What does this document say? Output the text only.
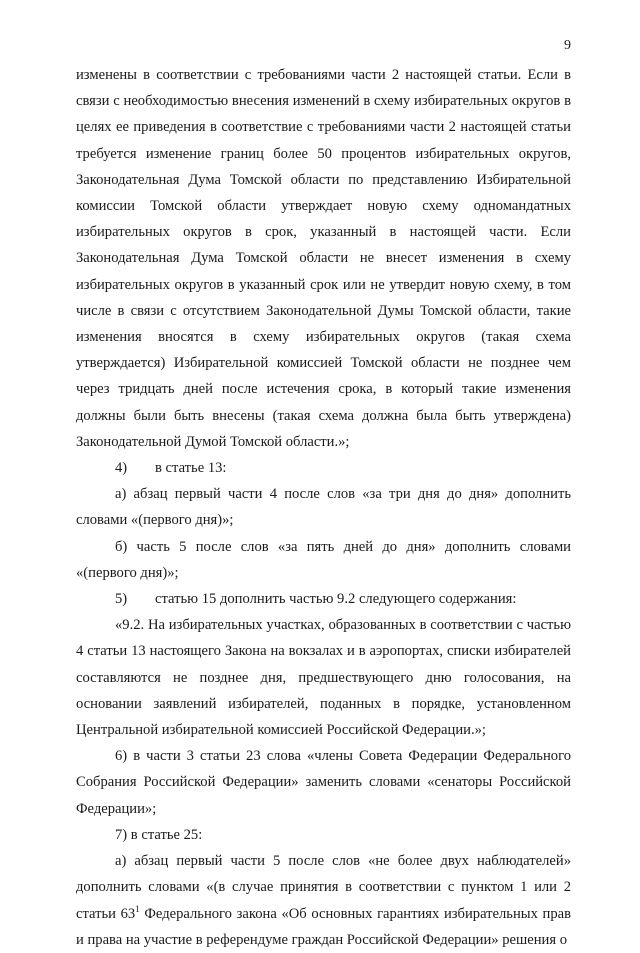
9

изменены в соответствии с требованиями части 2 настоящей статьи. Если в связи с необходимостью внесения изменений в схему избирательных округов в целях ее приведения в соответствие с требованиями части 2 настоящей статьи требуется изменение границ более 50 процентов избирательных округов, Законодательная Дума Томской области по представлению Избирательной комиссии Томской области утверждает новую схему одномандатных избирательных округов в срок, указанный в настоящей части. Если Законодательная Дума Томской области не внесет изменения в схему избирательных округов в указанный срок или не утвердит новую схему, в том числе в связи с отсутствием Законодательной Думы Томской области, такие изменения вносятся в схему избирательных округов (такая схема утверждается) Избирательной комиссией Томской области не позднее чем через тридцать дней после истечения срока, в который такие изменения должны были быть внесены (такая схема должна была быть утверждена) Законодательной Думой Томской области.»;

4) в статье 13:

а) абзац первый части 4 после слов «за три дня до дня» дополнить словами «(первого дня)»;

б) часть 5 после слов «за пять дней до дня» дополнить словами «(первого дня)»;

5) статью 15 дополнить частью 9.2 следующего содержания:

«9.2. На избирательных участках, образованных в соответствии с частью 4 статьи 13 настоящего Закона на вокзалах и в аэропортах, списки избирателей составляются не позднее дня, предшествующего дню голосования, на основании заявлений избирателей, поданных в порядке, установленном Центральной избирательной комиссией Российской Федерации.»;

6) в части 3 статьи 23 слова «члены Совета Федерации Федерального Собрания Российской Федерации» заменить словами «сенаторы Российской Федерации»;

7) в статье 25:

а) абзац первый части 5 после слов «не более двух наблюдателей» дополнить словами «(в случае принятия в соответствии с пунктом 1 или 2 статьи $63^1$ Федерального закона «Об основных гарантиях избирательных прав и права на участие в референдуме граждан Российской Федерации» решения о
